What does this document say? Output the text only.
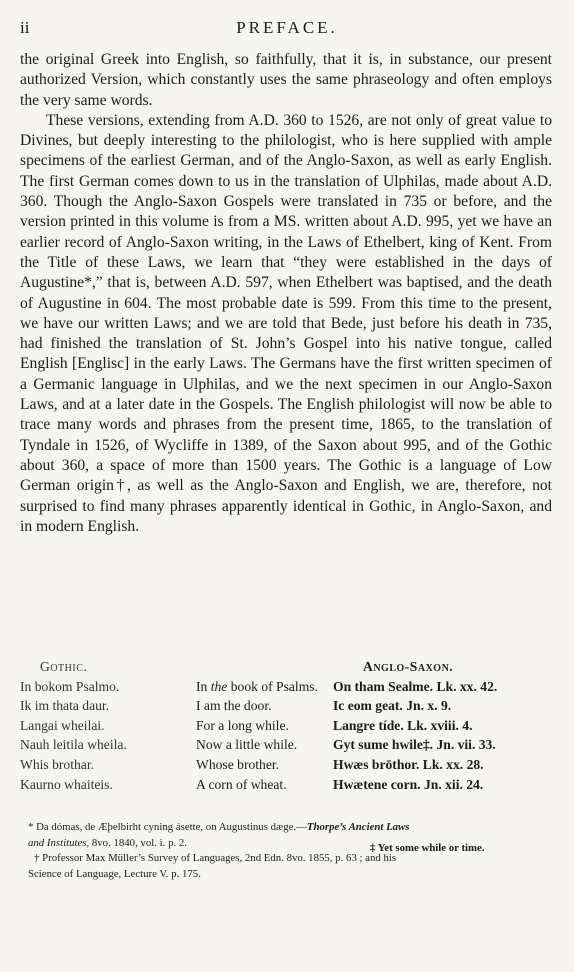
ii	PREFACE.

the original Greek into English, so faithfully, that it is, in substance, our present authorized Version, which constantly uses the same phraseology and often employs the very same words.

These versions, extending from A.D. 360 to 1526, are not only of great value to Divines, but deeply interesting to the philologist, who is here supplied with ample specimens of the earliest German, and of the Anglo-Saxon, as well as early English. The first German comes down to us in the translation of Ulphilas, made about A.D. 360. Though the Anglo-Saxon Gospels were translated in 735 or before, and the version printed in this volume is from a MS. written about A.D. 995, yet we have an earlier record of Anglo-Saxon writing, in the Laws of Ethelbert, king of Kent. From the Title of these Laws, we learn that “they were established in the days of Augustine*,” that is, between A.D. 597, when Ethelbert was baptised, and the death of Augustine in 604. The most probable date is 599. From this time to the present, we have our written Laws; and we are told that Bede, just before his death in 735, had finished the translation of St. John’s Gospel into his native tongue, called English [Englisc] in the early Laws. The Germans have the first written specimen of a Germanic language in Ulphilas, and we the next specimen in our Anglo-Saxon Laws, and at a later date in the Gospels. The English philologist will now be able to trace many words and phrases from the present time, 1865, to the translation of Tyndale in 1526, of Wycliffe in 1389, of the Saxon about 995, and of the Gothic about 360, a space of more than 1500 years. The Gothic is a language of Low German origin†, as well as the Anglo-Saxon and English, we are, therefore, not surprised to find many phrases apparently identical in Gothic, in Anglo-Saxon, and in modern English.

Gothic.
In bokom Psalmo.
Ik im thata daur.
Langai wheilai.
Nauh leitila wheila.
Whis brothar.
Kaurno whaiteis.

In the book of Psalms.
I am the door.
For a long while.
Now a little while.
Whose brother.
A corn of wheat.
Anglo-Saxon.
On tham Sealme. Lk. xx. 42.
Ic eom geat. Jn. x. 9.
Langre tíde. Lk. xviii. 4.
Gyt sume hwile‡. Jn. vii. 33.
Hwæs brōthor. Lk. xx. 28.
Hwætene corn. Jn. xii. 24.
* Da dómas, de Æþelbirht cyning ásette, on Augustinus dæge.—Thorpe’s Ancient Laws
and Institutes, 8vo. 1840, vol. i. p. 2.
† Professor Max Müller’s Survey of Languages, 2nd Edn. 8vo. 1855, p. 63 ; and his
Science of Language, Lecture V. p. 175.
‡ Yet some while or time.
